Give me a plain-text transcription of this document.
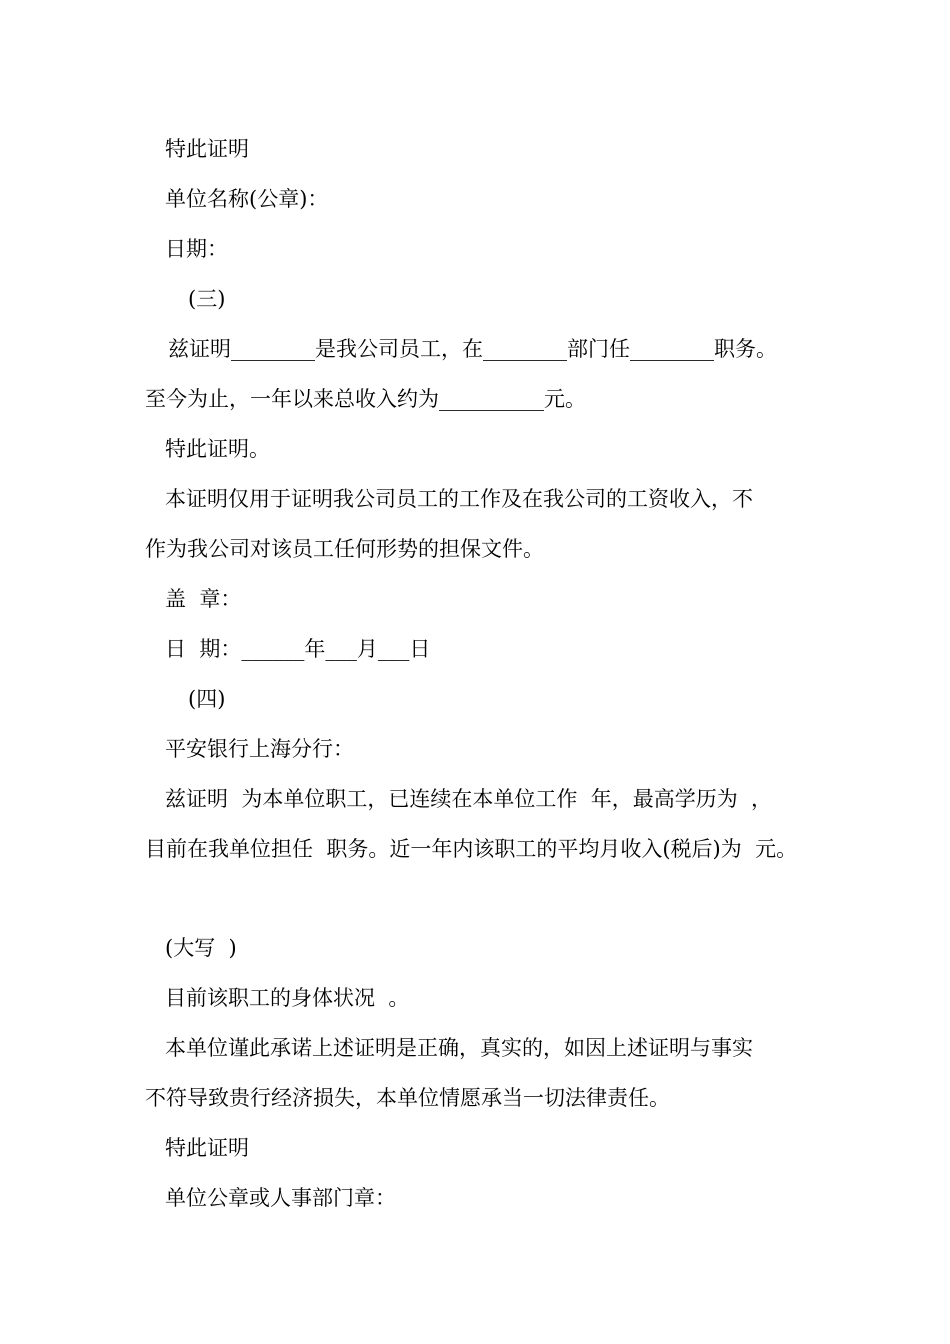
特此证明
单位名称(公章)：
日期：
(三)
兹证明________是我公司员工，在________部门任________职务。
至今为止，一年以来总收入约为__________元。
特此证明。
本证明仅用于证明我公司员工的工作及在我公司的工资收入，不
作为我公司对该员工任何形势的担保文件。
盖  章：
日  期：______年___月___日
(四)
平安银行上海分行：
兹证明  为本单位职工，已连续在本单位工作  年，最高学历为  ，
目前在我单位担任  职务。近一年内该职工的平均月收入(税后)为  元。
(大写  )
目前该职工的身体状况  。
本单位谨此承诺上述证明是正确，真实的，如因上述证明与事实
不符导致贵行经济损失，本单位情愿承当一切法律责任。
特此证明
单位公章或人事部门章：
